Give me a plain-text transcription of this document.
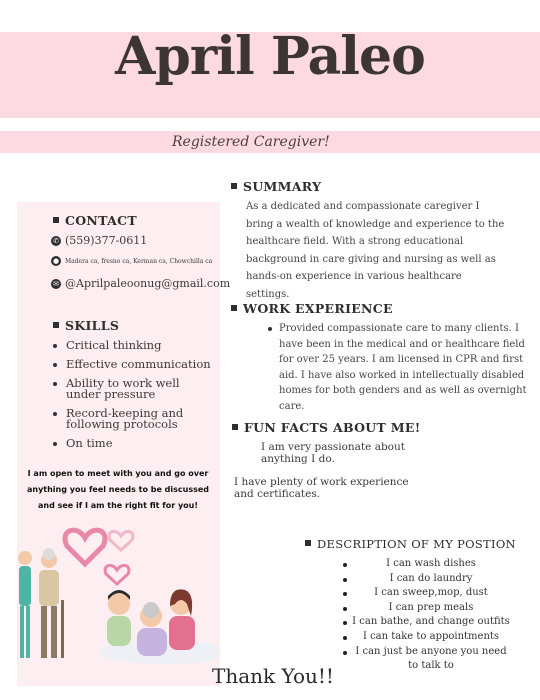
April Paleo
Registered Caregiver!
CONTACT
✆ (559)377-0611
● Madera ca, fresno ca, Kerman ca, Chowchilla ca
✉ @Aprilpaleoonug@gmail.com
SKILLS
Critical thinking
Effective communication
Ability to work well under pressure
Record-keeping and following protocols
On time
I am open to meet with you and go over anything you feel needs to be discussed and see if I am the right fit for you!
SUMMARY
As a dedicated and compassionate caregiver I bring a wealth of knowledge and experience to the healthcare field. With a strong educational background in care giving and nursing as well as hands-on experience in various healthcare settings.
WORK EXPERIENCE
Provided compassionate care to many clients. I have been in the medical and or healthcare field for over 25 years. I am licensed in CPR and first aid. I have also worked in intellectually disabled homes for both genders and as well as overnight care.
FUN FACTS ABOUT ME!
I am very passionate about anything I do.
I have plenty of work experience and certificates.
DESCRIPTION OF MY POSTION
I can wash dishes
I can do laundry
I can sweep,mop, dust
I can prep meals
I can bathe, and change outfits
I can take to appointments
I can just be anyone you need to talk to
Thank You!!
